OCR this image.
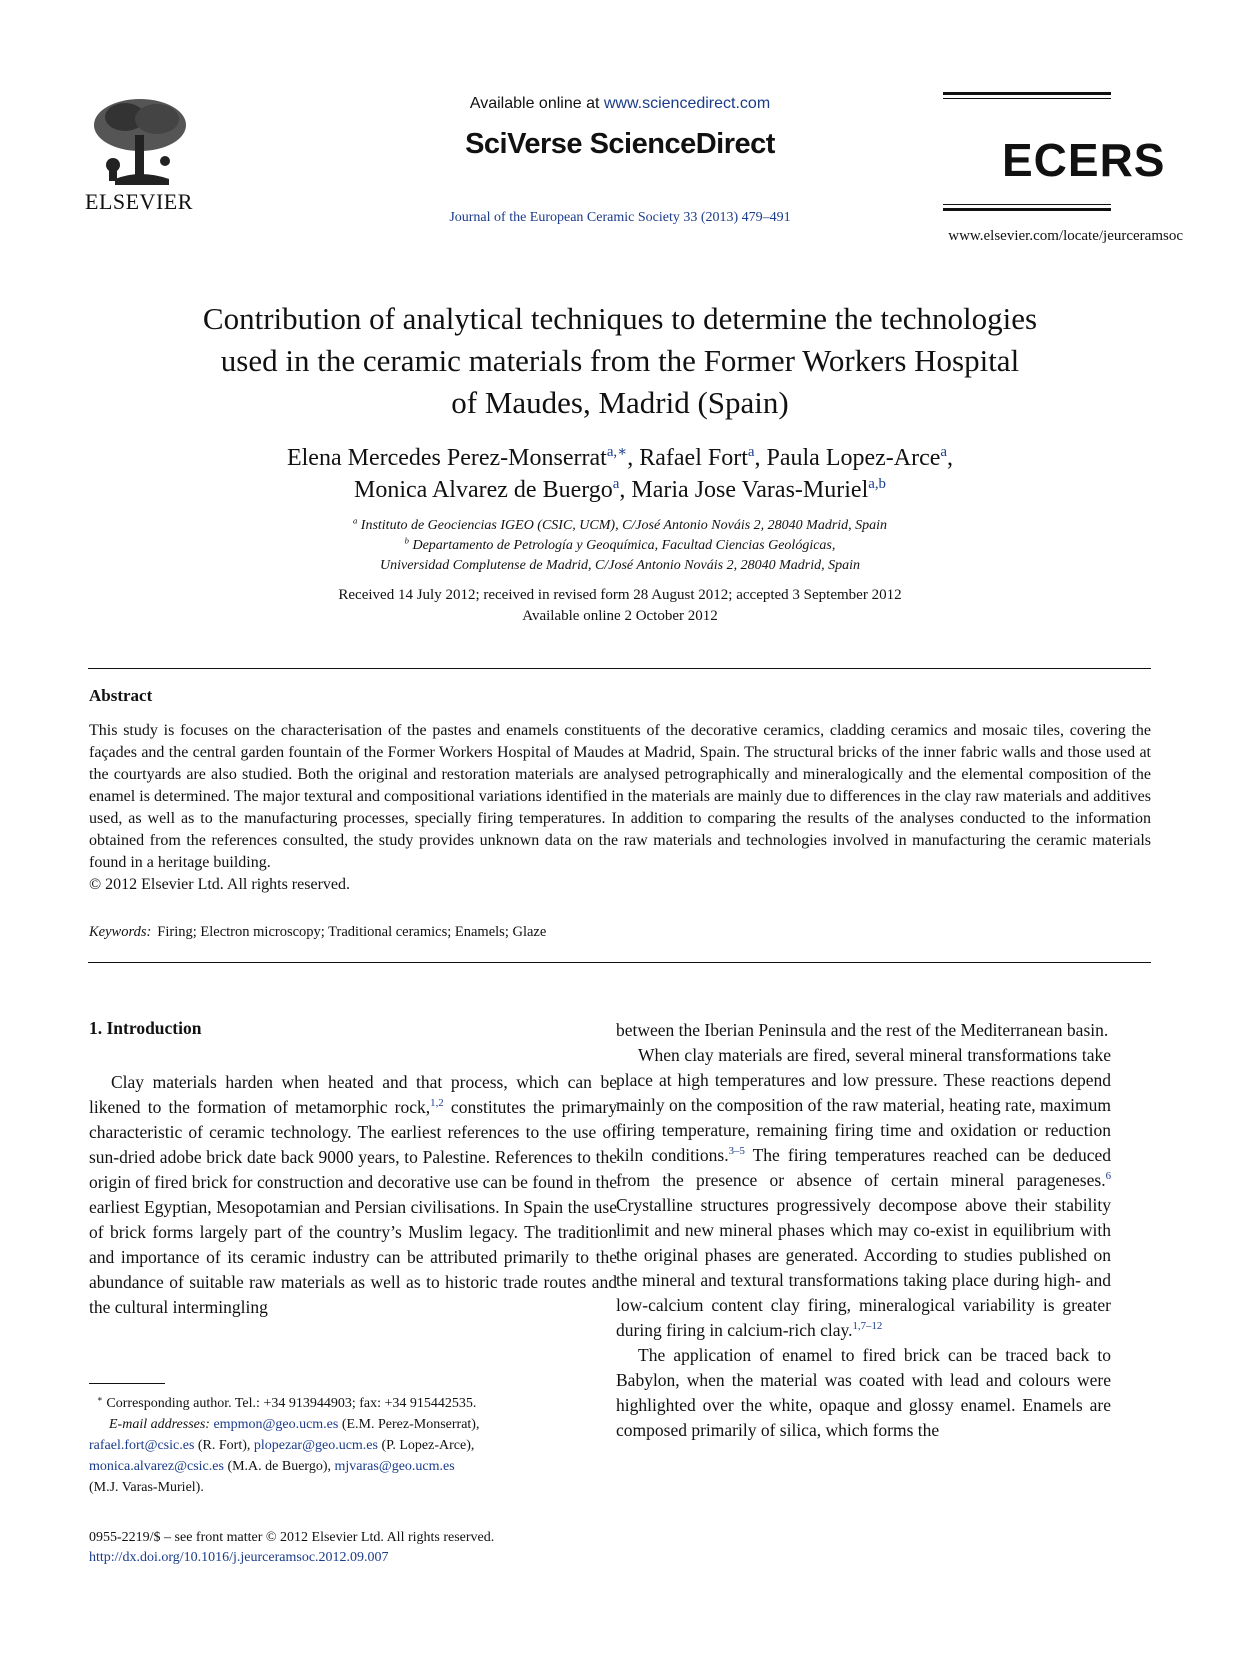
ELSEVIER
Available online at www.sciencedirect.com
SciVerse ScienceDirect
Journal of the European Ceramic Society 33 (2013) 479–491
ECERS
www.elsevier.com/locate/jeurceramsoc
Contribution of analytical techniques to determine the technologies
used in the ceramic materials from the Former Workers Hospital
of Maudes, Madrid (Spain)
Elena Mercedes Perez-Monserrat$^{a,∗}$, Rafael Fort$^a$, Paula Lopez-Arce$^a$,
Monica Alvarez de Buergo$^a$, Maria Jose Varas-Muriel$^{a,b}$
$^a$ Instituto de Geociencias IGEO (CSIC, UCM), C/José Antonio Nováis 2, 28040 Madrid, Spain
$^b$ Departamento de Petrología y Geoquímica, Facultad Ciencias Geológicas,
Universidad Complutense de Madrid, C/José Antonio Nováis 2, 28040 Madrid, Spain
Received 14 July 2012; received in revised form 28 August 2012; accepted 3 September 2012
Available online 2 October 2012
Abstract
This study is focuses on the characterisation of the pastes and enamels constituents of the decorative ceramics, cladding ceramics and mosaic tiles, covering the façades and the central garden fountain of the Former Workers Hospital of Maudes at Madrid, Spain. The structural bricks of the inner fabric walls and those used at the courtyards are also studied. Both the original and restoration materials are analysed petrographically and mineralogically and the elemental composition of the enamel is determined. The major textural and compositional variations identified in the materials are mainly due to differences in the clay raw materials and additives used, as well as to the manufacturing processes, specially firing temperatures. In addition to comparing the results of the analyses conducted to the information obtained from the references consulted, the study provides unknown data on the raw materials and technologies involved in manufacturing the ceramic materials found in a heritage building.
© 2012 Elsevier Ltd. All rights reserved.
Keywords: Firing; Electron microscopy; Traditional ceramics; Enamels; Glaze
1. Introduction

Clay materials harden when heated and that process, which can be likened to the formation of metamorphic rock,$^{1,2}$ constitutes the primary characteristic of ceramic technology. The earliest references to the use of sun-dried adobe brick date back 9000 years, to Palestine. References to the origin of fired brick for construction and decorative use can be found in the earliest Egyptian, Mesopotamian and Persian civilisations. In Spain the use of brick forms largely part of the country’s Muslim legacy. The tradition and importance of its ceramic industry can be attributed primarily to the abundance of suitable raw materials as well as to historic trade routes and the cultural intermingling

∗ Corresponding author. Tel.: +34 913944903; fax: +34 915442535.
E-mail addresses: empmon@geo.ucm.es (E.M. Perez-Monserrat),
rafael.fort@csic.es (R. Fort), plopezar@geo.ucm.es (P. Lopez-Arce),
monica.alvarez@csic.es (M.A. de Buergo), mjvaras@geo.ucm.es
(M.J. Varas-Muriel).
0955-2219/$ – see front matter © 2012 Elsevier Ltd. All rights reserved.
http://dx.doi.org/10.1016/j.jeurceramsoc.2012.09.007

between the Iberian Peninsula and the rest of the Mediterranean basin.

When clay materials are fired, several mineral transformations take place at high temperatures and low pressure. These reactions depend mainly on the composition of the raw material, heating rate, maximum firing temperature, remaining firing time and oxidation or reduction kiln conditions.$^{3-5}$ The firing temperatures reached can be deduced from the presence or absence of certain mineral parageneses.$^6$ Crystalline structures progressively decompose above their stability limit and new mineral phases which may co-exist in equilibrium with the original phases are generated. According to studies published on the mineral and textural transformations taking place during high- and low-calcium content clay firing, mineralogical variability is greater during firing in calcium-rich clay.$^{1,7-12}$

The application of enamel to fired brick can be traced back to Babylon, when the material was coated with lead and colours were highlighted over the white, opaque and glossy enamel. Enamels are composed primarily of silica, which forms the
